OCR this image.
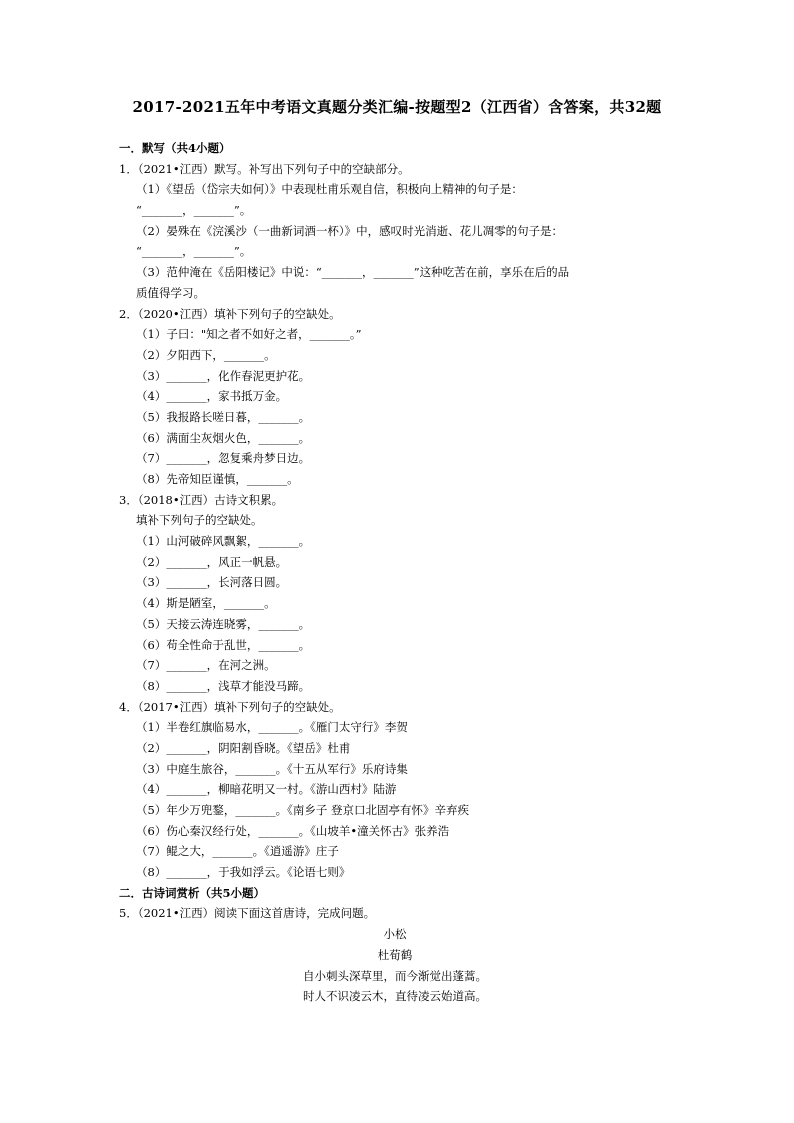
2017-2021五年中考语文真题分类汇编-按题型2（江西省）含答案，共32题
一．默写（共4小题）
1．（2021•江西）默写。补写出下列句子中的空缺部分。
（1）《望岳（岱宗夫如何）》中表现杜甫乐观自信，积极向上精神的句子是：
“_______，_______”。
（2）晏殊在《浣溪沙（一曲新词酒一杯）》中，感叹时光消逝、花儿凋零的句子是：
“_______，_______”。
（3）范仲淹在《岳阳楼记》中说：“_______，_______”这种吃苦在前，享乐在后的品
质值得学习。
2．（2020•江西）填补下列句子的空缺处。
（1）子曰："知之者不如好之者，_______。”
（2）夕阳西下，_______。
（3）_______，化作春泥更护花。
（4）_______，家书抵万金。
（5）我报路长嗟日暮，_______。
（6）满面尘灰烟火色，_______。
（7）_______，忽复乘舟梦日边。
（8）先帝知臣谨慎，_______。
3．（2018•江西）古诗文积累。
填补下列句子的空缺处。
（1）山河破碎风飘絮，_______。
（2）_______，风正一帆悬。
（3）_______，长河落日圆。
（4）斯是陋室，_______。
（5）天接云涛连晓雾，_______。
（6）苟全性命于乱世，_______。
（7）_______，在河之洲。
（8）_______，浅草才能没马蹄。
4．（2017•江西）填补下列句子的空缺处。
（1）半卷红旗临易水，_______。《雁门太守行》李贺
（2）_______，阴阳割昏晓。《望岳》杜甫
（3）中庭生旅谷，_______。《十五从军行》乐府诗集
（4）_______，柳暗花明又一村。《游山西村》陆游
（5）年少万兜鍪，_______。《南乡子 登京口北固亭有怀》辛弃疾
（6）伤心秦汉经行处，_______。《山坡羊•潼关怀古》张养浩
（7）鲲之大，_______。《逍遥游》庄子
（8）_______，于我如浮云。《论语七则》
二．古诗词赏析（共5小题）
5．（2021•江西）阅读下面这首唐诗，完成问题。
小松
杜荀鹤
自小刺头深草里，而今渐觉出蓬蒿。
时人不识凌云木，直待凌云始道高。
